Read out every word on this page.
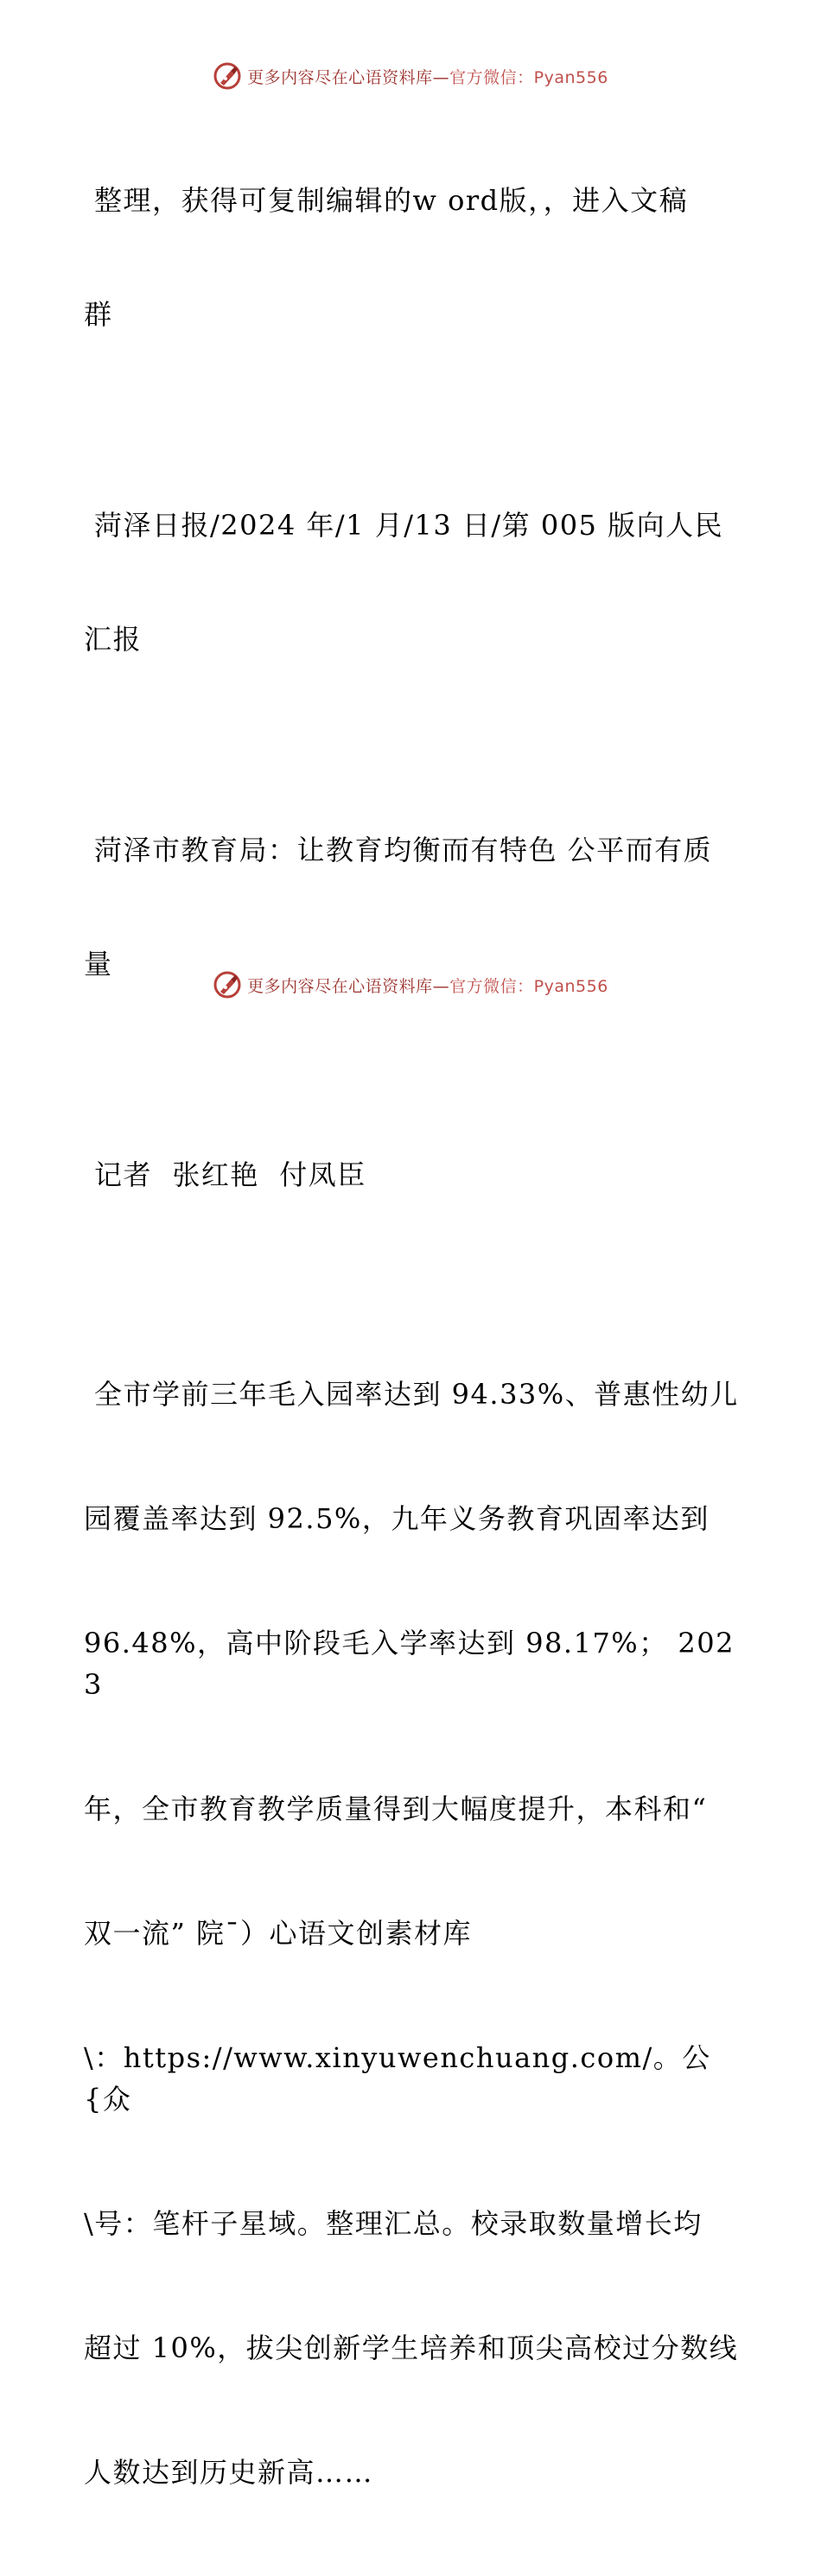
更多内容尽在心语资料库—官方微信：Pyan556

整理，获得可复制编辑的w ord版，，进入文稿

群

菏泽日报/2024 年/1 月/13 日/第 005 版向人民

汇报

菏泽市教育局：让教育均衡而有特色 公平而有质

量

记者  张红艳  付凤臣

全市学前三年毛入园率达到 94.33%、普惠性幼儿

园覆盖率达到 92.5%，九年义务教育巩固率达到

96.48%，高中阶段毛入学率达到 98.17%； 2023

年，全市教育教学质量得到大幅度提升，本科和“

双一流” 院¯）心语文创素材库

\：https://www.xinyuwenchuang.com/。公{众

\号：笔杆子星域。整理汇总。校录取数量增长均

超过 10%，拔尖创新学生培养和顶尖高校过分数线

人数达到历史新高……

更多内容尽在心语资料库—官方微信：Pyan556
